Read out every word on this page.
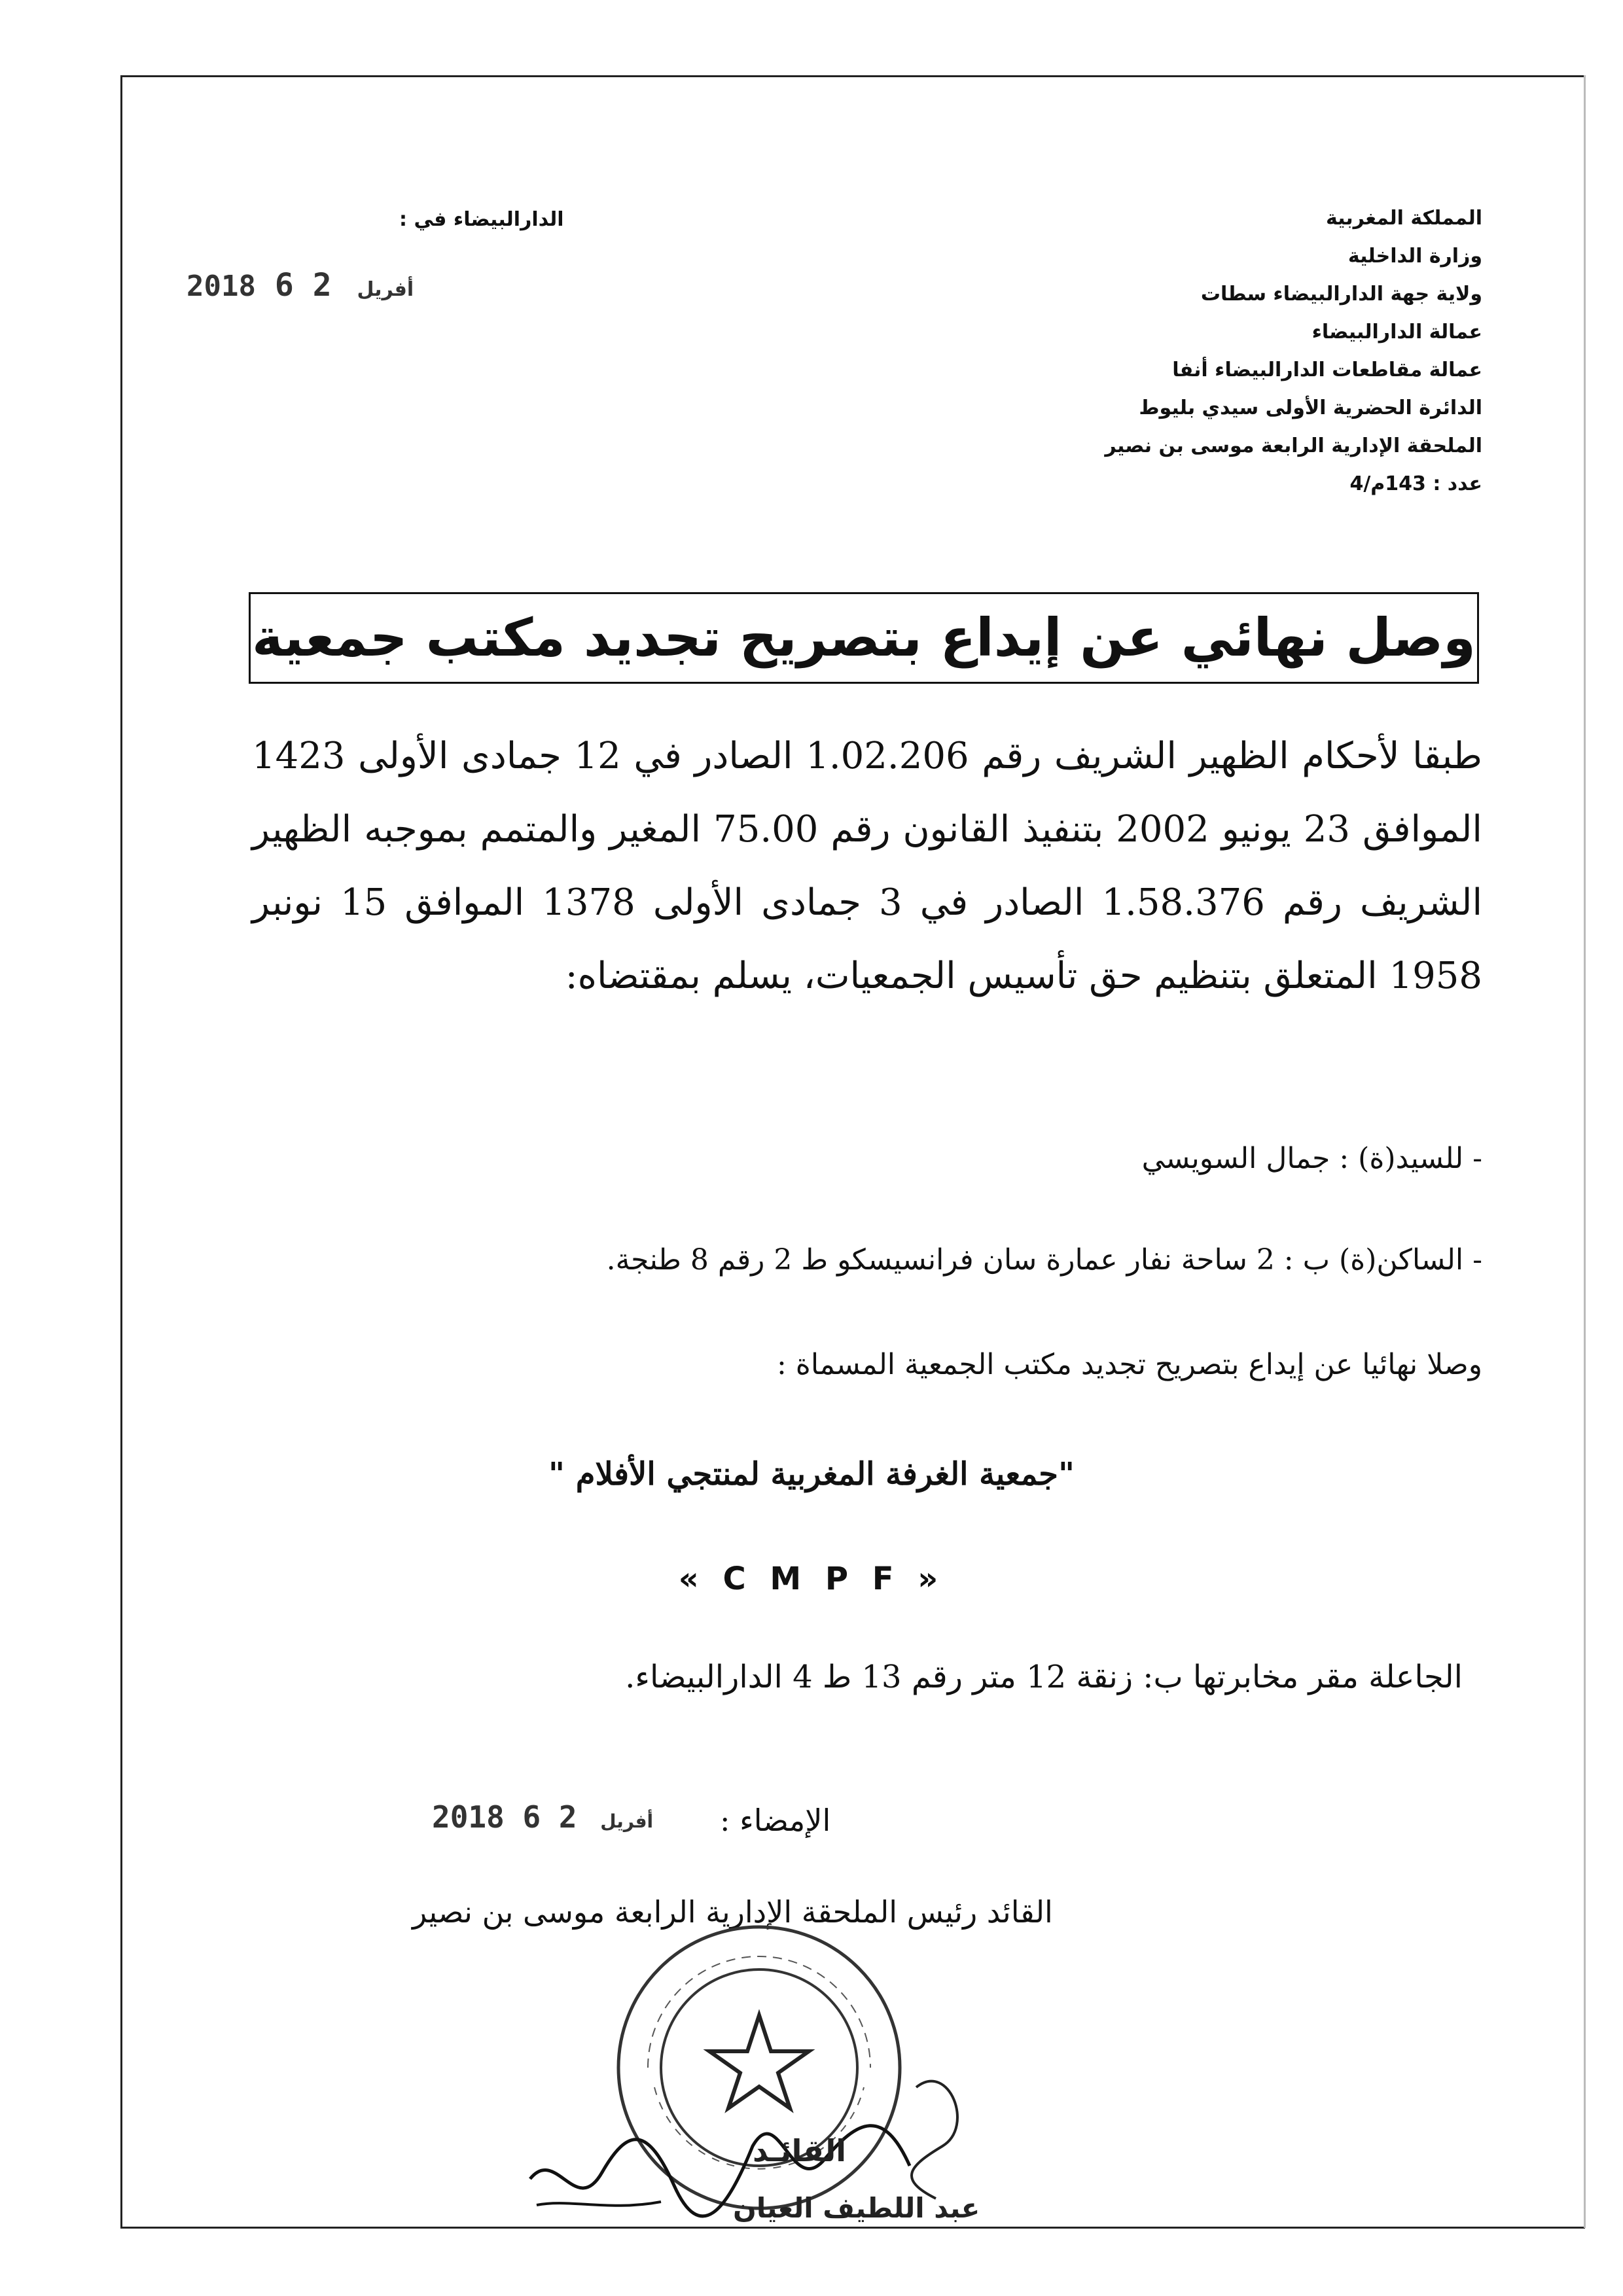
المملكة المغربية
وزارة الداخلية
ولاية جهة الدارالبيضاء سطات
عمالة الدارالبيضاء
عمالة مقاطعات الدارالبيضاء أنفا
الدائرة الحضرية الأولى سيدي بليوط
الملحقة الإدارية الرابعة موسى بن نصير
عدد : 143م/4
الدارالبيضاء في :
2018	أفريل 2 6
وصل نهائي عن إيداع بتصريح تجديد مكتب جمعية
طبقا لأحكام الظهير الشريف رقم 1.02.206 الصادر في 12 جمادى الأولى 1423 الموافق 23 يونيو 2002 بتنفيذ القانون رقم 75.00 المغير والمتمم بموجبه الظهير الشريف رقم 1.58.376 الصادر في 3 جمادى الأولى 1378 الموافق 15 نونبر 1958 المتعلق بتنظيم حق تأسيس الجمعيات، يسلم بمقتضاه:
- للسيد(ة) : جمال السويسي
- الساكن(ة) ب : 2 ساحة نفار عمارة سان فرانسيسكو ط 2 رقم 8 طنجة.
وصلا نهائيا عن إيداع بتصريح تجديد مكتب الجمعية المسماة :
"جمعية الغرفة المغربية لمنتجي الأفلام "
« C M P F »
الجاعلة مقر مخابرتها ب: زنقة 12 متر رقم 13 ط 4 الدارالبيضاء.
الإمضاء :
2018	أفريل 2 6
القائد رئيس الملحقة الإدارية الرابعة موسى بن نصير
القائـد
عبد اللطيف العيان
